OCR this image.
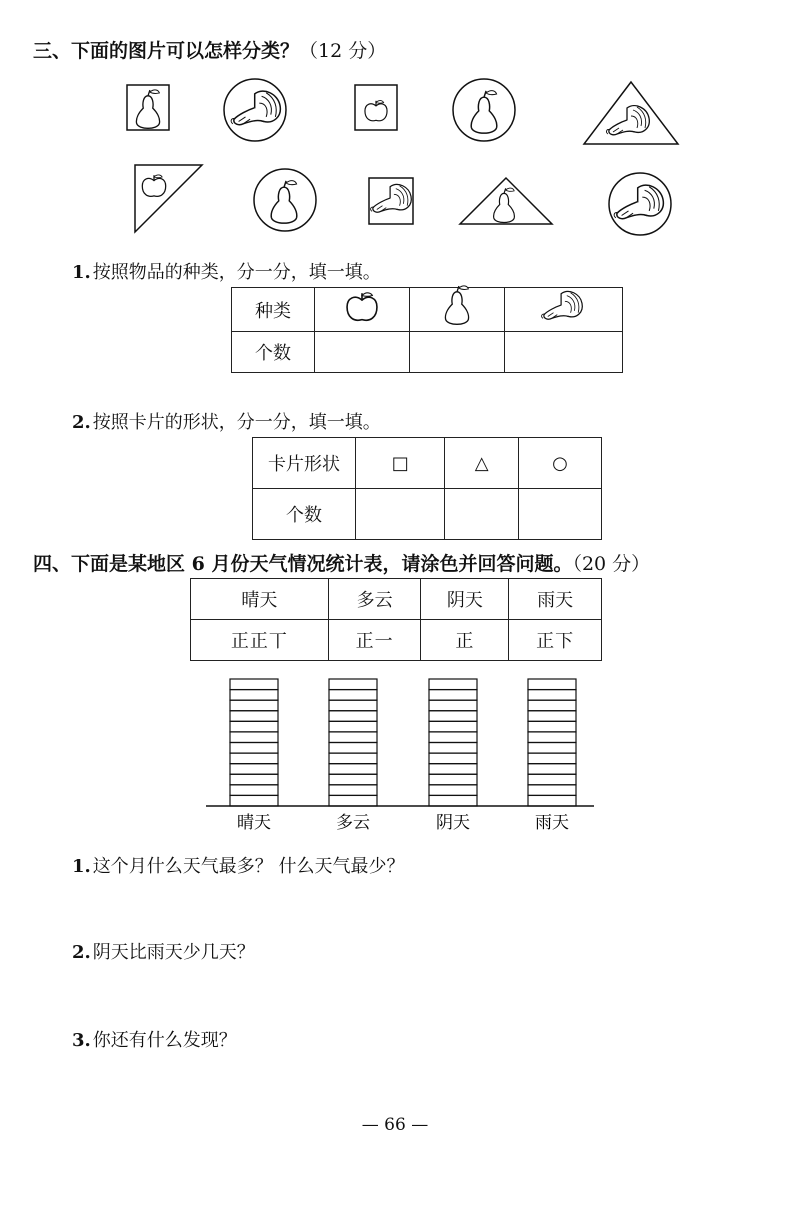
三、下面的图片可以怎样分类？（12 分）
1. 按照物品的种类，分一分，填一填。
种类			
个数			
2. 按照卡片的形状，分一分，填一填。
卡片形状	□	△	○
个数			
四、下面是某地区 6 月份天气情况统计表，请涂色并回答问题。（20 分）
晴天	多云	阴天	雨天
正正丅	正一	正	正下
晴天	多云	阴天	雨天
1. 这个月什么天气最多？ 什么天气最少？
2. 阴天比雨天少几天？
3. 你还有什么发现？
— 66 —
